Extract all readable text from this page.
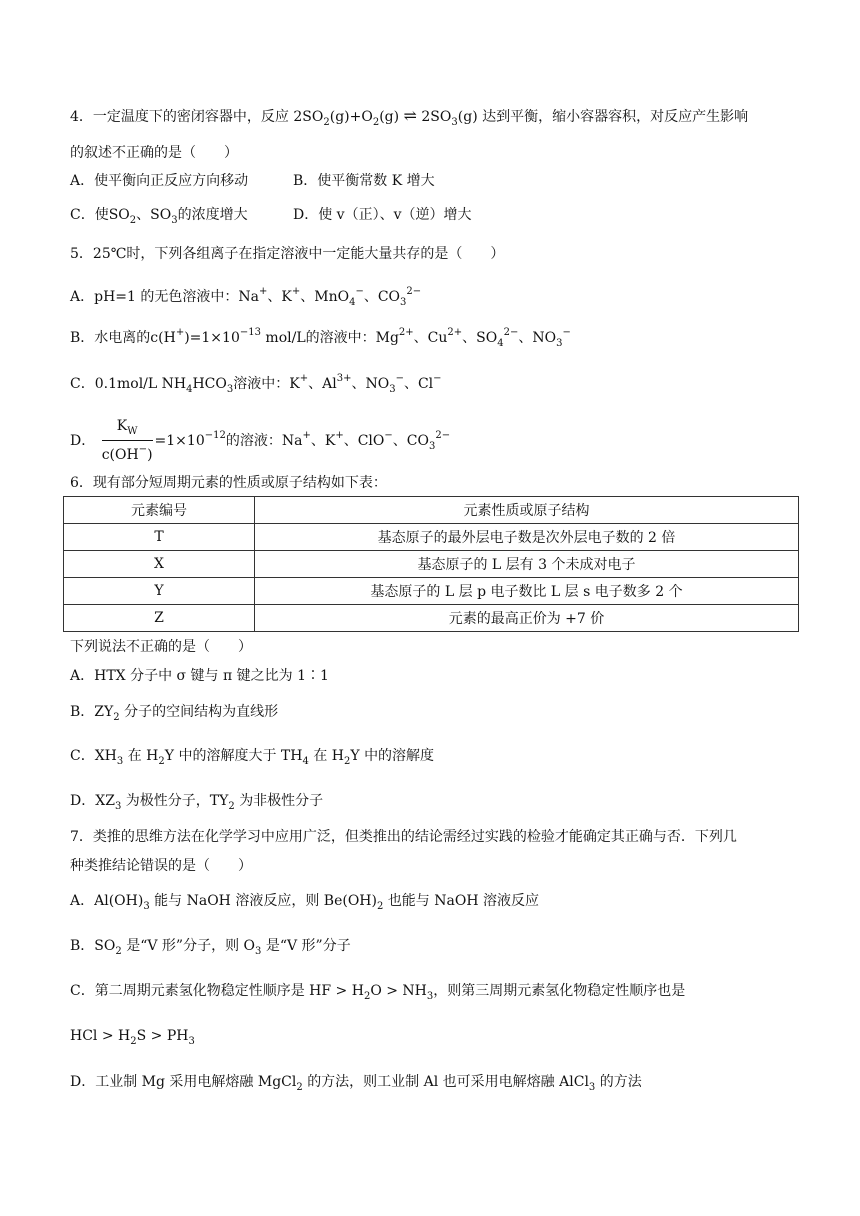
4．一定温度下的密闭容器中，反应 $2SO_2(g)+O_2(g)$ ⇌ $2SO_3(g)$ 达到平衡，缩小容器容积，对反应产生影响
的叙述不正确的是（　　）
A．使平衡向正反应方向移动	B．使平衡常数 K 增大
C．使$SO_2$、$SO_3$的浓度增大	D．使 v（正）、v（逆）增大
5．25℃时，下列各组离子在指定溶液中一定能大量共存的是（　　）
A．pH=1 的无色溶液中：Na+、K+、MnO$_4$−、$CO_3^{2-}$
B．水电离的$c(H^+)=1\times 10^{-13}$ mol/L的溶液中：$Mg^{2+}$、$Cu^{2+}$、$SO_4^{2-}$、$NO_3^-$
C．0.1mol/L $NH_4HCO_3$溶液中：K+、$Al^{3+}$、$NO_3^-$、Cl−
D． $\frac{K_W}{c(OH^-)} =1\times 10^{-12}$的溶液：Na+、K+、ClO−、$CO_3^{2-}$
6．现有部分短周期元素的性质或原子结构如下表：
元素编号	元素性质或原子结构
T	基态原子的最外层电子数是次外层电子数的 2 倍
X	基态原子的 L 层有 3 个未成对电子
Y	基态原子的 L 层 p 电子数比 L 层 s 电子数多 2 个
Z	元素的最高正价为 +7 价
下列说法不正确的是（　　）
A．HTX 分子中 σ 键与 π 键之比为 1∶1
B．$ZY_2$ 分子的空间结构为直线形
C．$XH_3$ 在 $H_2Y$ 中的溶解度大于 $TH_4$ 在 $H_2Y$ 中的溶解度
D．$XZ_3$ 为极性分子，$TY_2$ 为非极性分子
7．类推的思维方法在化学学习中应用广泛，但类推出的结论需经过实践的检验才能确定其正确与否．下列几
种类推结论错误的是（　　）
A．$Al(OH)_3$ 能与 NaOH 溶液反应，则 $Be(OH)_2$ 也能与 NaOH 溶液反应
B．$SO_2$ 是“V 形”分子，则 $O_3$ 是“V 形”分子
C．第二周期元素氢化物稳定性顺序是 HF > $H_2O > NH_3$，则第三周期元素氢化物稳定性顺序也是
HCl > $H_2S > PH_3$
D．工业制 Mg 采用电解熔融 MgCl$_2$ 的方法，则工业制 Al 也可采用电解熔融 AlCl$_3$ 的方法
